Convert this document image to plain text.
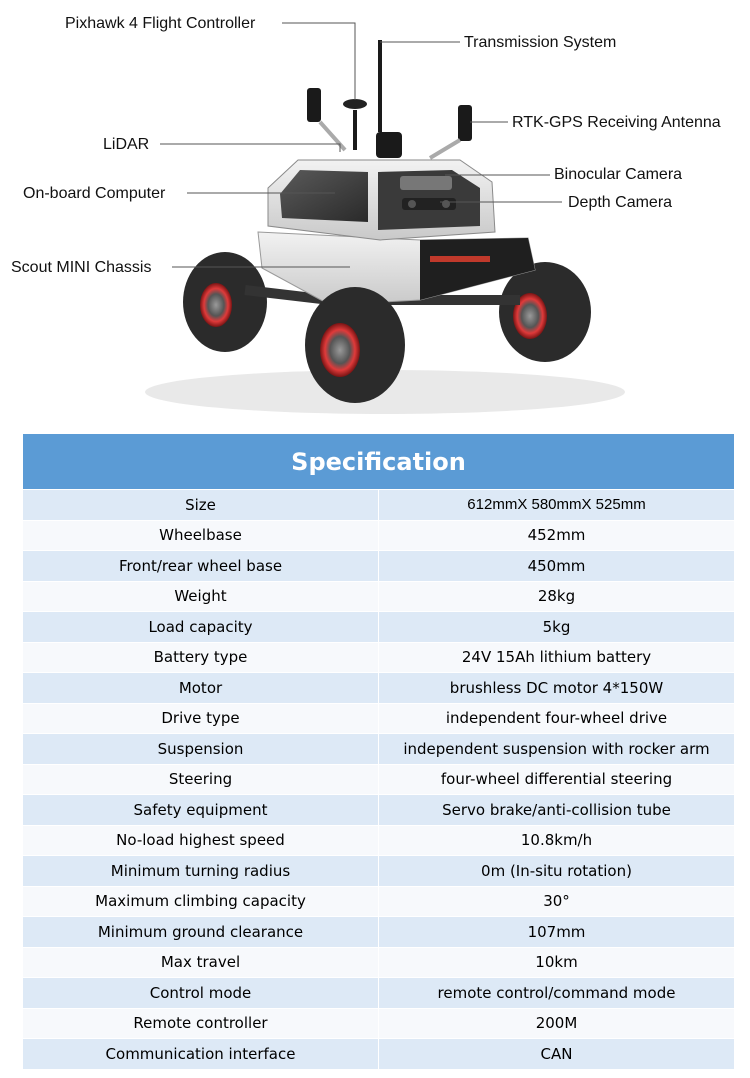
Pixhawk 4 Flight Controller
Transmission System
RTK-GPS Receiving Antenna
LiDAR
Binocular Camera
On-board Computer
Depth Camera
Scout MINI Chassis
Specification	
Size	612mmX 580mmX 525mm
Wheelbase	452mm
Front/rear wheel base	450mm
Weight	28kg
Load capacity	5kg
Battery type	24V 15Ah lithium battery
Motor	brushless DC motor 4*150W
Drive type	independent four-wheel drive
Suspension	independent suspension with rocker arm
Steering	four-wheel differential steering
Safety equipment	Servo brake/anti-collision tube
No-load highest speed	10.8km/h
Minimum turning radius	0m (In-situ rotation)
Maximum climbing capacity	30°
Minimum ground clearance	107mm
Max travel	10km
Control mode	remote control/command mode
Remote controller	200M
Communication interface	CAN
